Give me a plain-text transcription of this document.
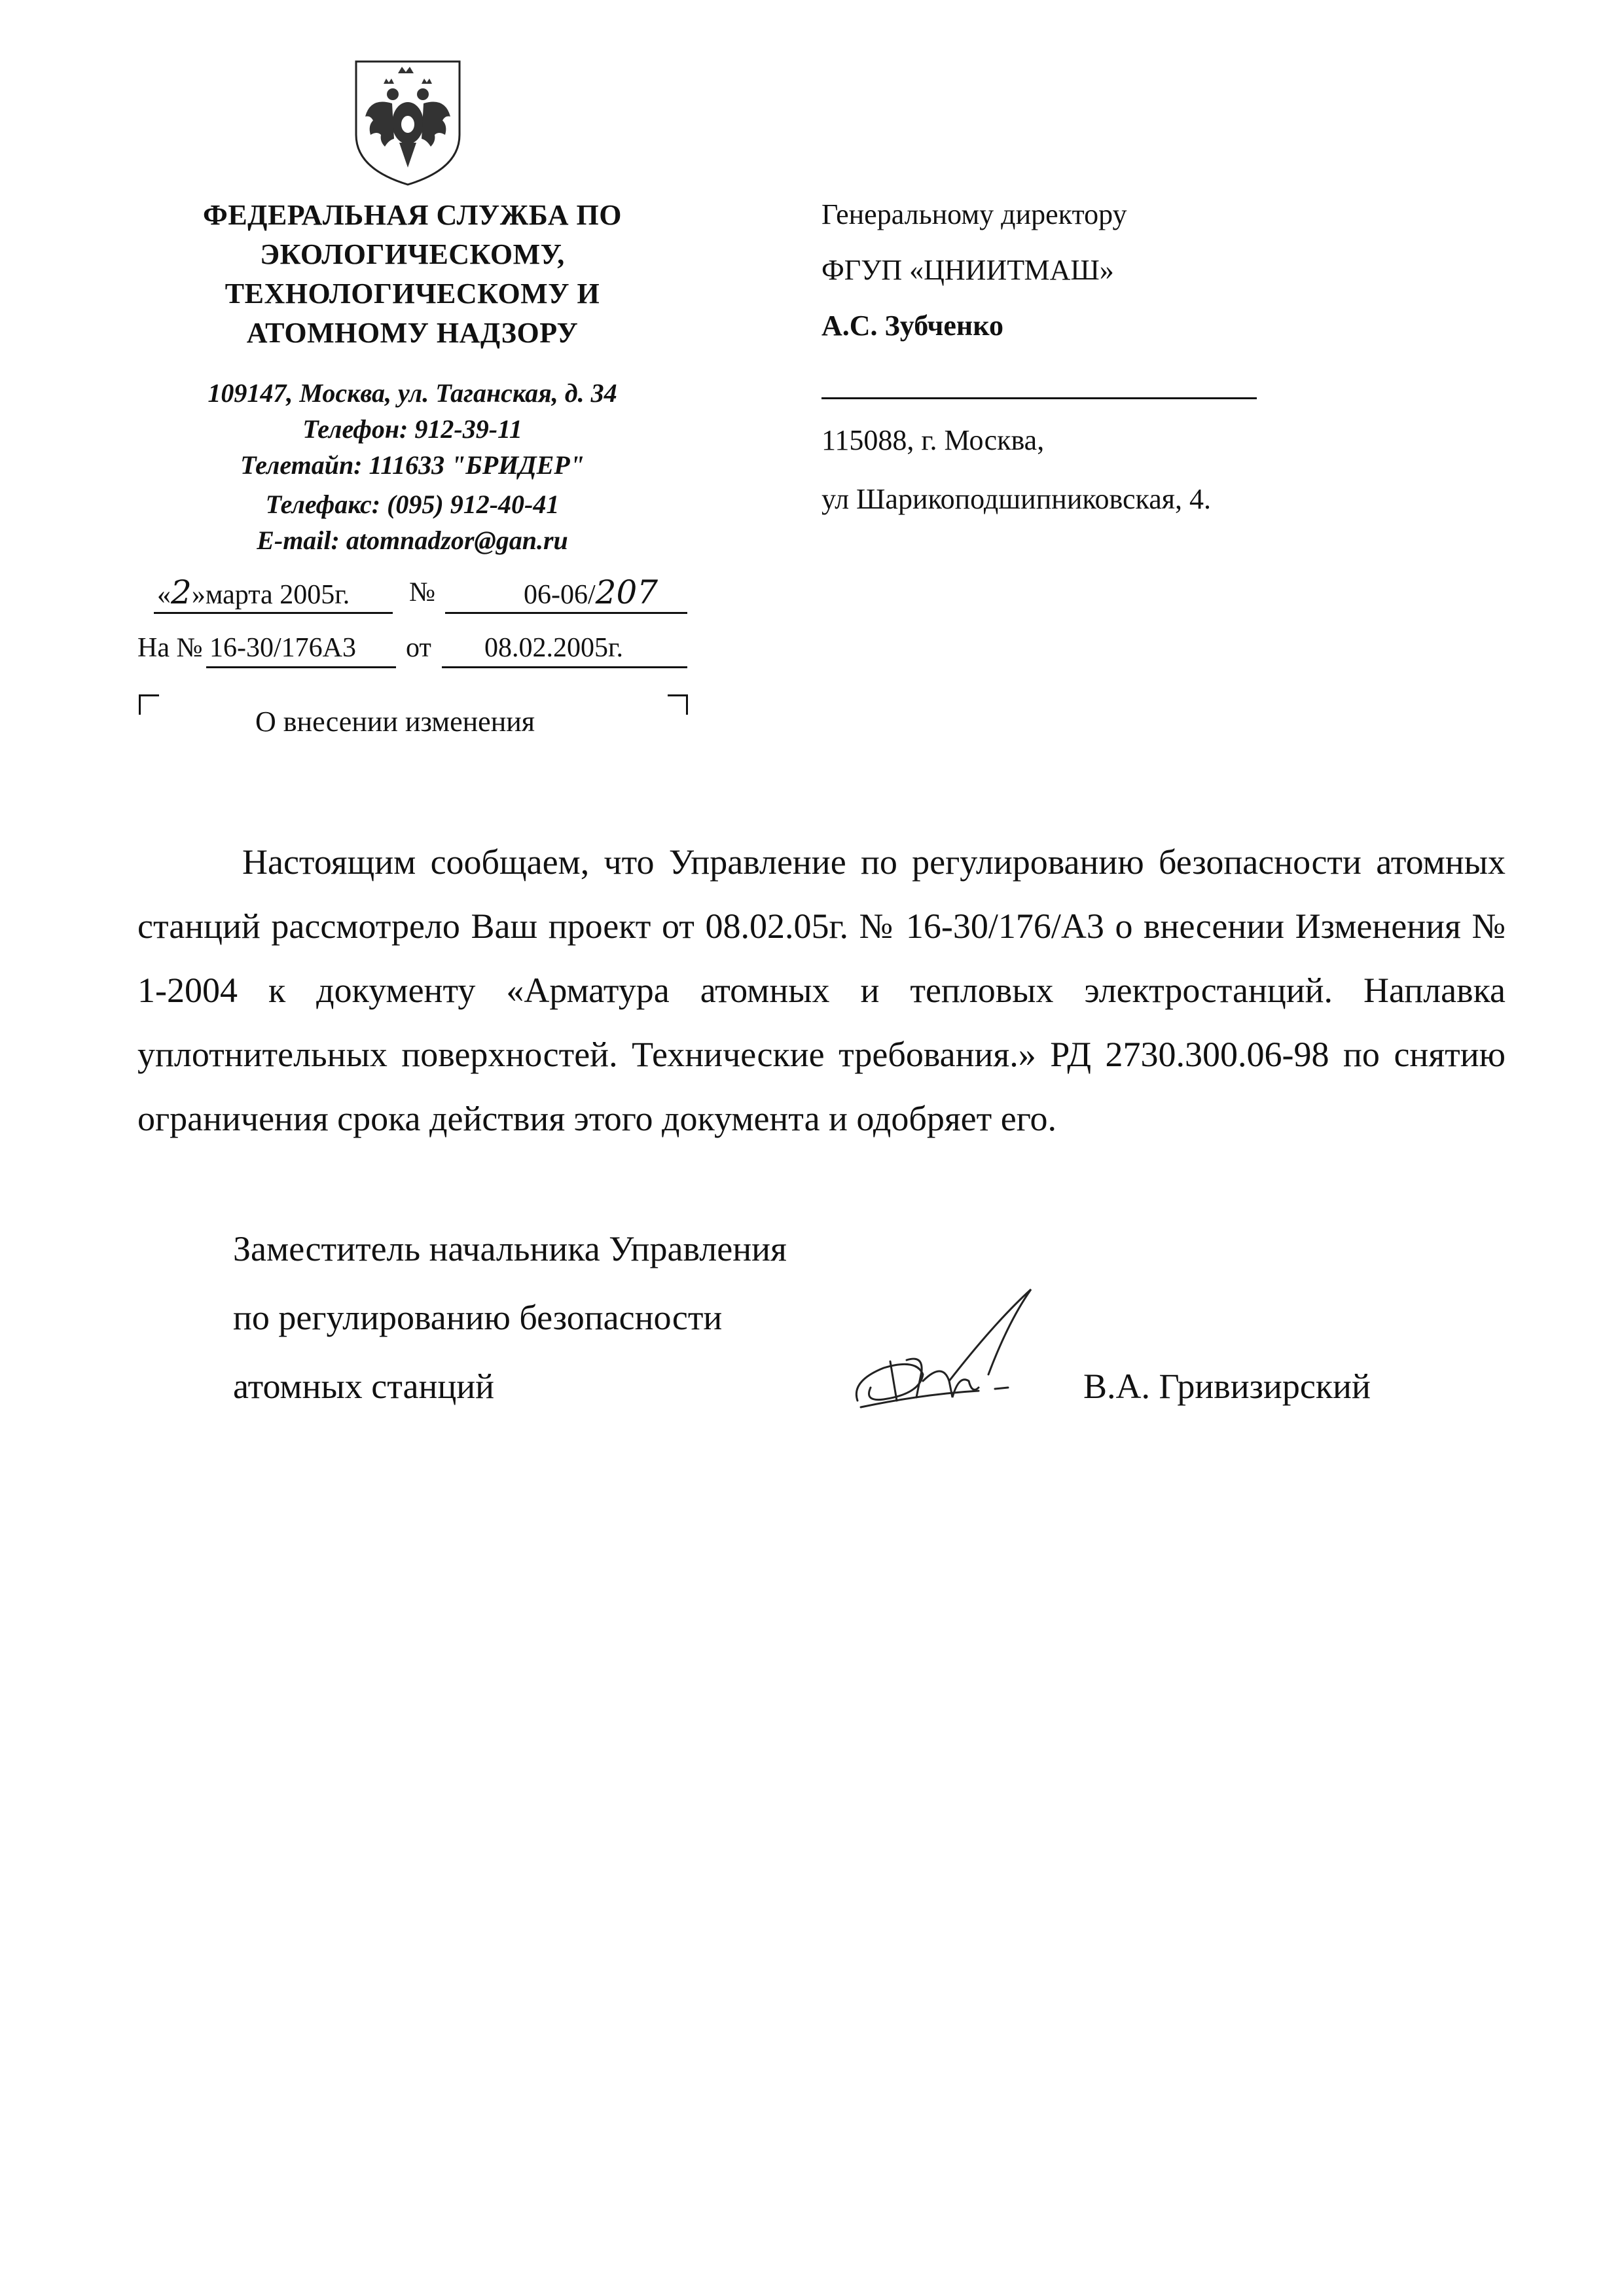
ФЕДЕРАЛЬНАЯ СЛУЖБА ПО
ЭКОЛОГИЧЕСКОМУ,
ТЕХНОЛОГИЧЕСКОМУ И
АТОМНОМУ НАДЗОРУ
109147, Москва, ул. Таганская, д. 34
Телефон: 912-39-11
Телетайп: 111633 "БРИДЕР"
Телефакс: (095) 912-40-41
E-mail: atomnadzor@gan.ru
Генеральному директору
ФГУП «ЦНИИТМАШ»
А.С. Зубченко
115088, г. Москва,
ул Шарикоподшипниковская, 4.
«2»марта 2005г. №	06-06/207
На № 16-30/176А3 от 08.02.2005г.
О внесении изменения
Настоящим сообщаем, что Управление по регулированию безопасности атомных станций рассмотрело Ваш проект от 08.02.05г. № 16-30/176/А3 о внесении Изменения № 1-2004 к документу «Арматура атомных и тепловых электростанций. Наплавка уплотнительных поверхностей. Технические требования.» РД 2730.300.06-98 по снятию ограничения срока действия этого документа и одобряет его.
Заместитель начальника Управления
по регулированию безопасности
атомных станций	В.А. Гривизирский
